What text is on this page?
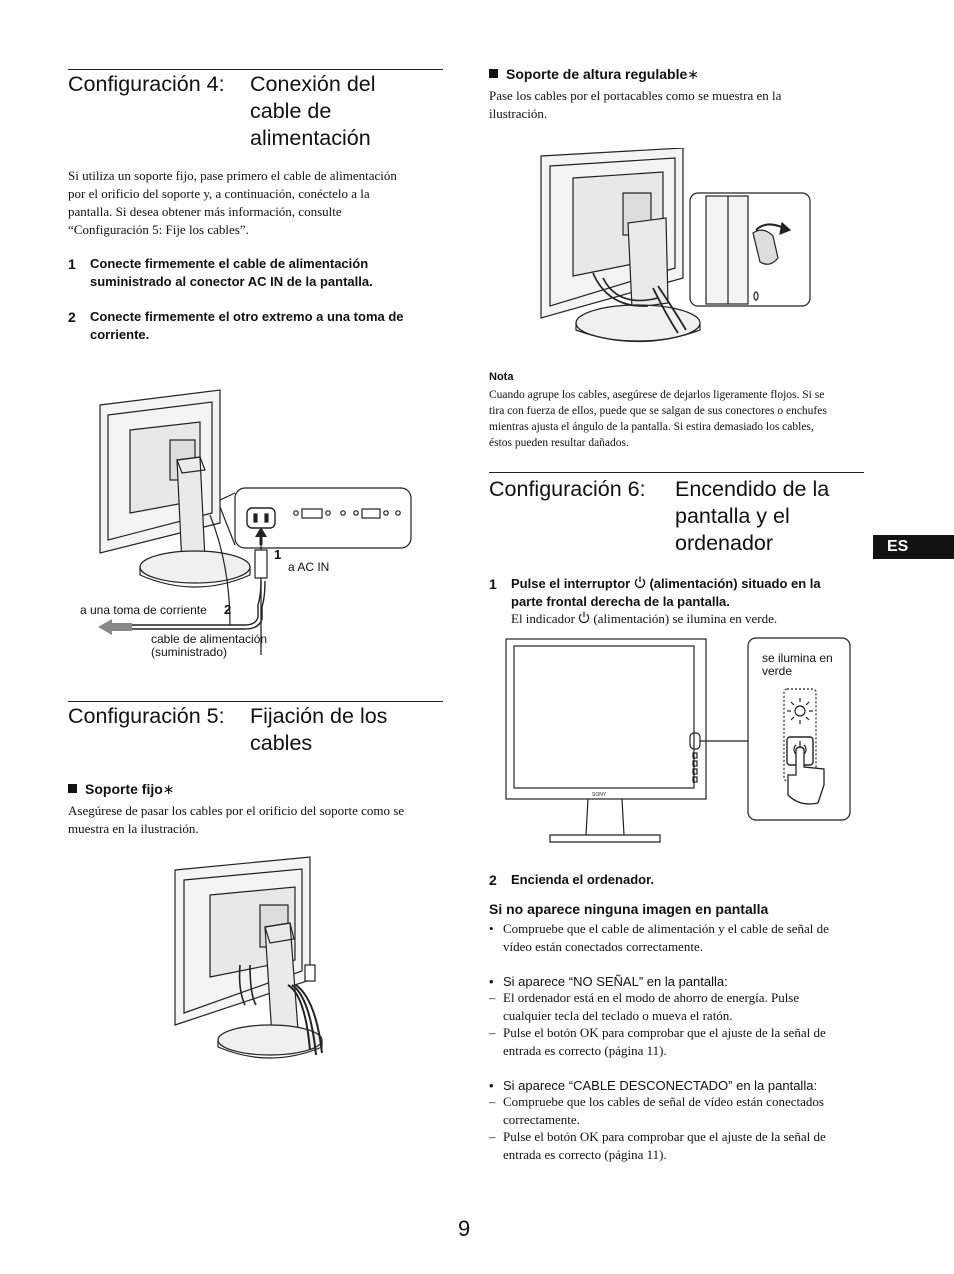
Configuración 4: Conexión del
cable de
alimentación
Si utiliza un soporte fijo, pase primero el cable de alimentación
por el orificio del soporte y, a continuación, conéctelo a la
pantalla. Si desea obtener más información, consulte
“Configuración 5: Fije los cables”.
1 Conecte firmemente el cable de alimentación
suministrado al conector AC IN de la pantalla.
2 Conecte firmemente el otro extremo a una toma de
corriente.
1
a AC IN
a una toma de corriente 2
cable de alimentación
(suministrado)
Configuración 5: Fijación de los
cables
Soporte fijo∗
Asegúrese de pasar los cables por el orificio del soporte como se
muestra en la ilustración.
Soporte de altura regulable∗
Pase los cables por el portacables como se muestra en la
ilustración.
Nota
Cuando agrupe los cables, asegúrese de dejarlos ligeramente flojos. Si se
tira con fuerza de ellos, puede que se salgan de sus conectores o enchufes
mientras ajusta el ángulo de la pantalla. Si estira demasiado los cables,
éstos pueden resultar dañados.
Configuración 6: Encendido de la
pantalla y el
ordenador
1 Pulse el interruptor (alimentación) situado en la
parte frontal derecha de la pantalla.
El indicador (alimentación) se ilumina en verde.
SONY
se ilumina en
verde
2 Encienda el ordenador.
Si no aparece ninguna imagen en pantalla
• Compruebe que el cable de alimentación y el cable de señal de
vídeo están conectados correctamente.
• Si aparece “NO SEÑAL” en la pantalla:
– El ordenador está en el modo de ahorro de energía. Pulse
cualquier tecla del teclado o mueva el ratón.
– Pulse el botón OK para comprobar que el ajuste de la señal de
entrada es correcto (página 11).
• Si aparece “CABLE DESCONECTADO” en la pantalla:
– Compruebe que los cables de señal de vídeo están conectados
correctamente.
– Pulse el botón OK para comprobar que el ajuste de la señal de
entrada es correcto (página 11).
ES
9
